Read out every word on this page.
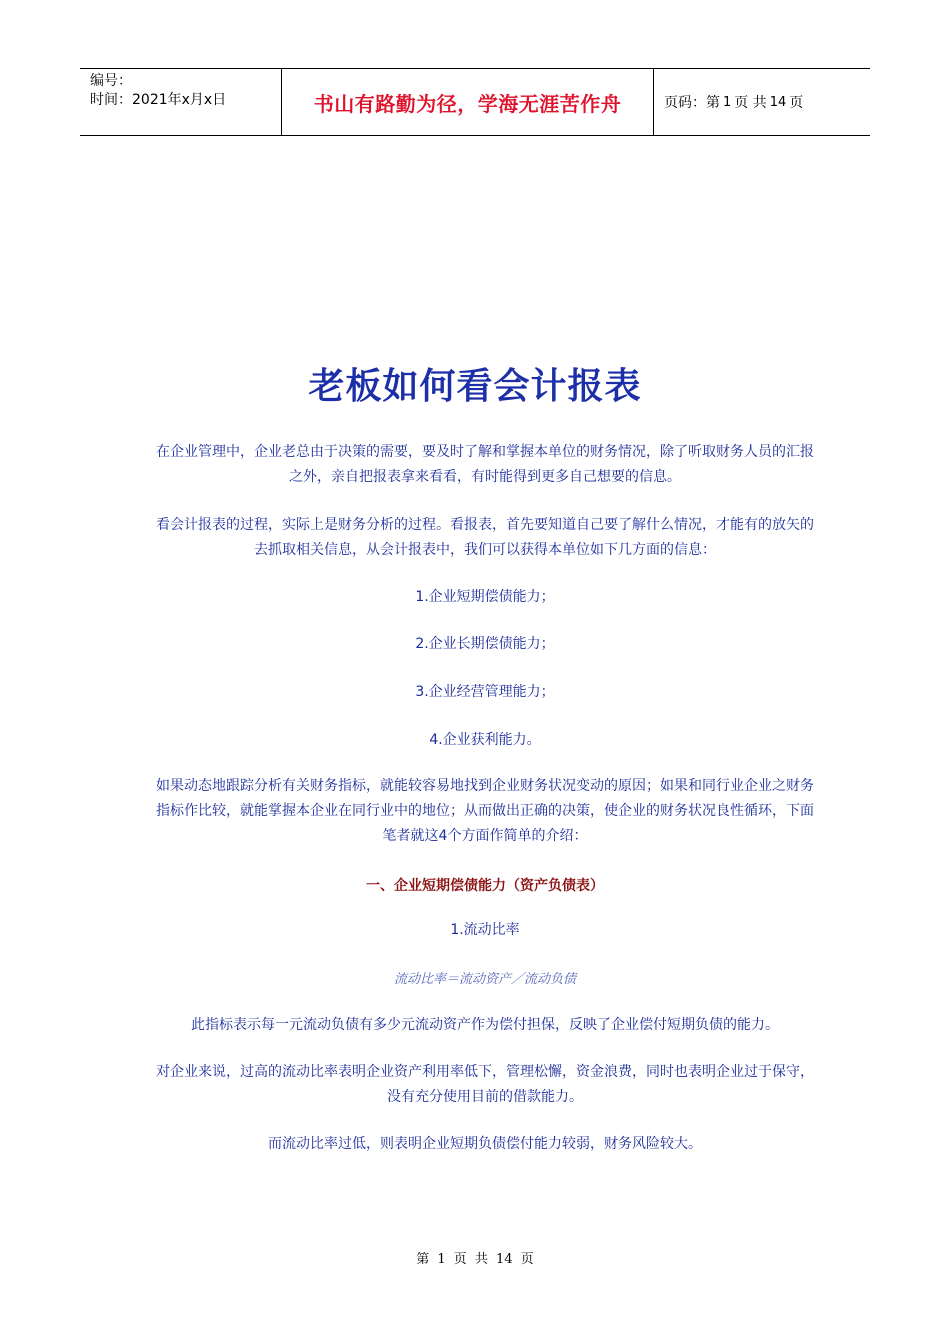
编号：
时间：2021年x月x日	书山有路勤为径，学海无涯苦作舟	页码：第 1 页 共 14 页
老板如何看会计报表
在企业管理中，企业老总由于决策的需要，要及时了解和掌握本单位的财务情况，除了听取财务人员的汇报之外，亲自把报表拿来看看，有时能得到更多自己想要的信息。
看会计报表的过程，实际上是财务分析的过程。看报表，首先要知道自己要了解什么情况，才能有的放矢的去抓取相关信息，从会计报表中，我们可以获得本单位如下几方面的信息：
1.企业短期偿债能力；
2.企业长期偿债能力；
3.企业经营管理能力；
4.企业获利能力。
如果动态地跟踪分析有关财务指标，就能较容易地找到企业财务状况变动的原因；如果和同行业企业之财务指标作比较，就能掌握本企业在同行业中的地位；从而做出正确的决策，使企业的财务状况良性循环，下面笔者就这4个方面作简单的介绍：
一、企业短期偿债能力（资产负债表）
1.流动比率
流动比率＝流动资产／流动负债
此指标表示每一元流动负债有多少元流动资产作为偿付担保，反映了企业偿付短期负债的能力。
对企业来说，过高的流动比率表明企业资产利用率低下，管理松懈，资金浪费，同时也表明企业过于保守，没有充分使用目前的借款能力。
而流动比率过低，则表明企业短期负债偿付能力较弱，财务风险较大。
第 1 页 共 14 页
